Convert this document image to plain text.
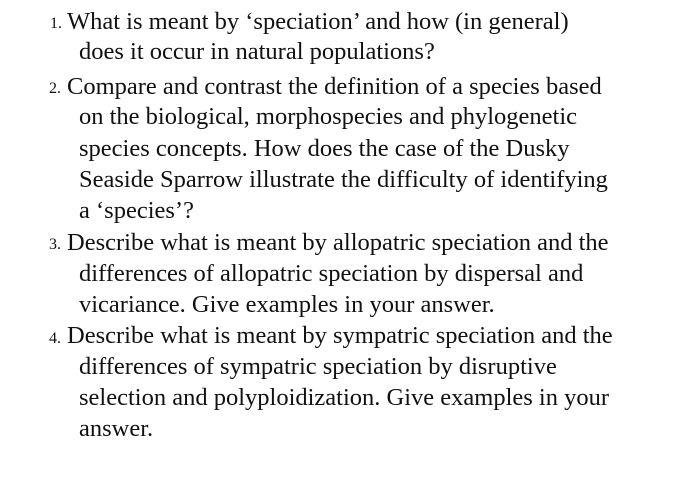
1. What is meant by ‘speciation’ and how (in general)
does it occur in natural populations?
2. Compare and contrast the definition of a species based
on the biological, morphospecies and phylogenetic
species concepts. How does the case of the Dusky
Seaside Sparrow illustrate the difficulty of identifying
a ‘species’?
3. Describe what is meant by allopatric speciation and the
differences of allopatric speciation by dispersal and
vicariance. Give examples in your answer.
4. Describe what is meant by sympatric speciation and the
differences of sympatric speciation by disruptive
selection and polyploidization. Give examples in your
answer.
